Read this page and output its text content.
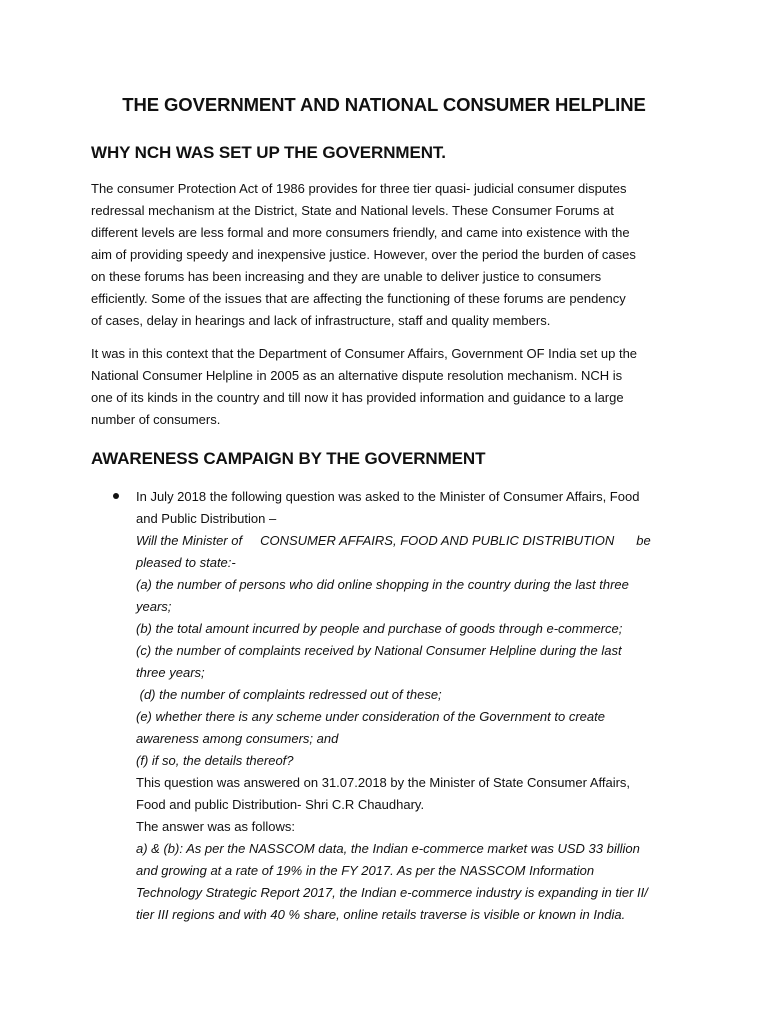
THE GOVERNMENT AND NATIONAL CONSUMER HELPLINE
WHY NCH WAS SET UP THE GOVERNMENT.

The consumer Protection Act of 1986 provides for three tier quasi- judicial consumer disputes
redressal mechanism at the District, State and National levels. These Consumer Forums at
different levels are less formal and more consumers friendly, and came into existence with the
aim of providing speedy and inexpensive justice. However, over the period the burden of cases
on these forums has been increasing and they are unable to deliver justice to consumers
efficiently. Some of the issues that are affecting the functioning of these forums are pendency
of cases, delay in hearings and lack of infrastructure, staff and quality members.

It was in this context that the Department of Consumer Affairs, Government OF India set up the
National Consumer Helpline in 2005 as an alternative dispute resolution mechanism. NCH is
one of its kinds in the country and till now it has provided information and guidance to a large
number of consumers.

AWARENESS CAMPAIGN BY THE GOVERNMENT
In July 2018 the following question was asked to the Minister of Consumer Affairs, Food
and Public Distribution –
Will the Minister of CONSUMER AFFAIRS, FOOD AND PUBLIC DISTRIBUTION be
pleased to state:-
(a) the number of persons who did online shopping in the country during the last three
years;
(b) the total amount incurred by people and purchase of goods through e-commerce;
(c) the number of complaints received by National Consumer Helpline during the last
three years;
(d) the number of complaints redressed out of these;
(e) whether there is any scheme under consideration of the Government to create
awareness among consumers; and
(f) if so, the details thereof?
This question was answered on 31.07.2018 by the Minister of State Consumer Affairs,
Food and public Distribution- Shri C.R Chaudhary.
The answer was as follows:
a) & (b): As per the NASSCOM data, the Indian e-commerce market was USD 33 billion
and growing at a rate of 19% in the FY 2017. As per the NASSCOM Information
Technology Strategic Report 2017, the Indian e-commerce industry is expanding in tier II/
tier III regions and with 40 % share, online retails traverse is visible or known in India.
